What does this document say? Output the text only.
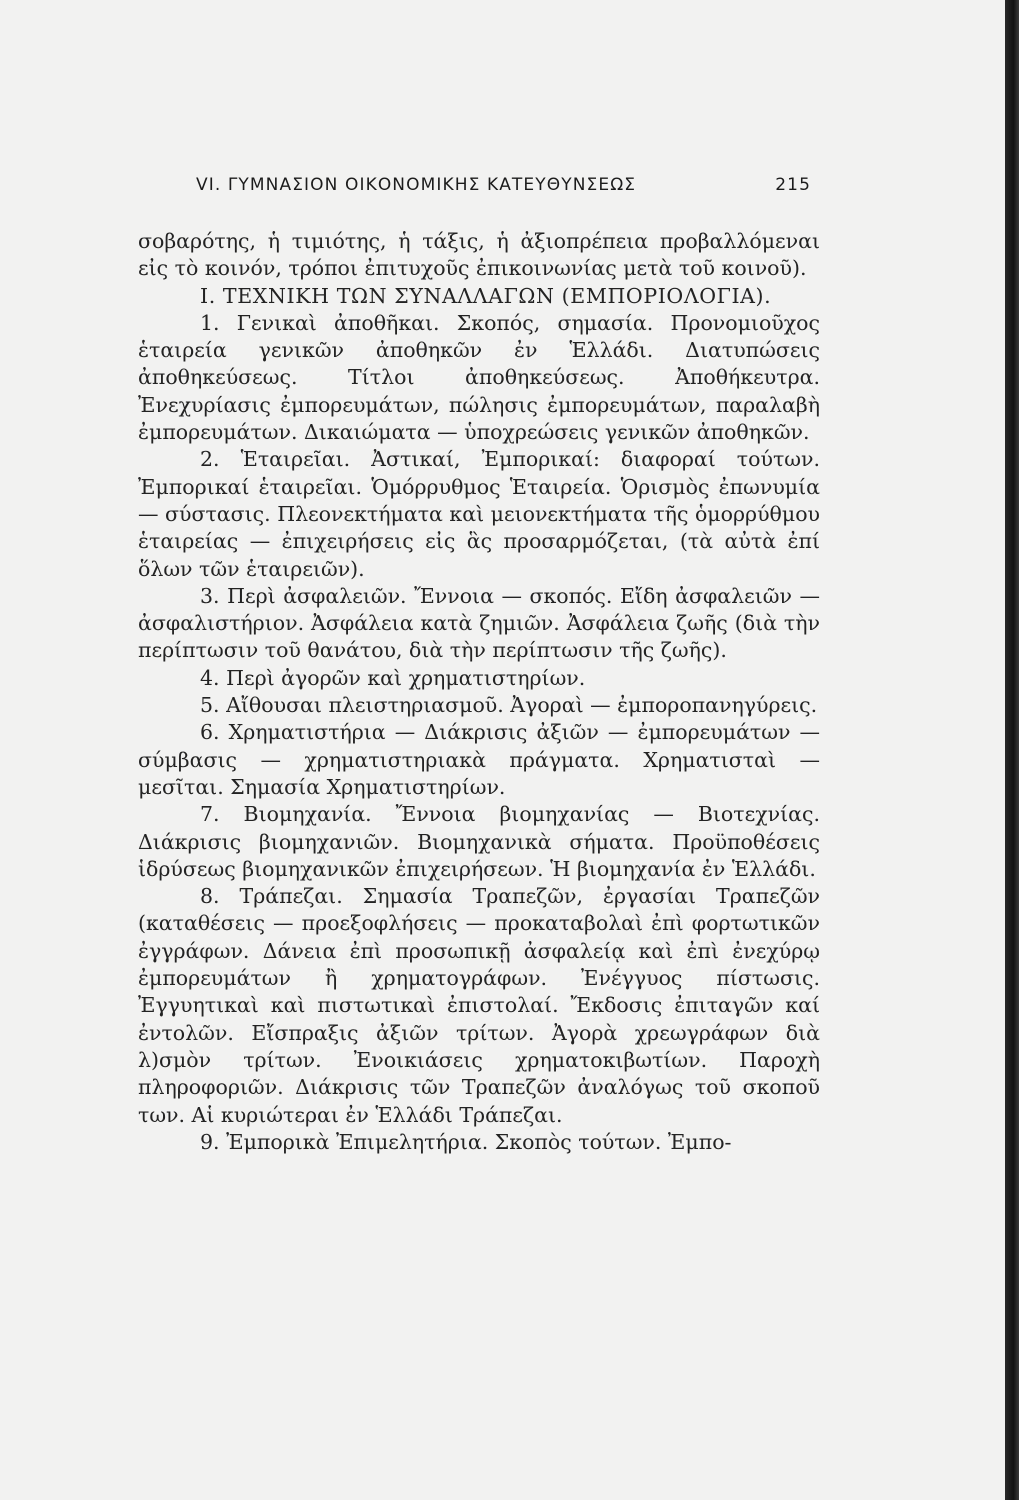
VI. ΓΥΜΝΑΣΙΟΝ ΟΙΚΟΝΟΜΙΚΗΣ ΚΑΤΕΥΘΥΝΣΕΩΣ	215

σοβαρότης, ἡ τιμιότης, ἡ τάξις, ἡ ἀξιοπρέπεια προβαλλόμεναι εἰς τὸ κοινόν, τρόποι ἐπιτυχοῦς ἐπικοινωνίας μετὰ τοῦ κοινοῦ).

I. ΤΕΧΝΙΚΗ ΤΩΝ ΣΥΝΑΛΛΑΓΩΝ (ΕΜΠΟΡΙΟΛΟΓΙΑ).

1. Γενικαὶ ἀποθῆκαι. Σκοπός, σημασία. Προνομιοῦχος ἑταιρεία γενικῶν ἀποθηκῶν ἐν Ἑλλάδι. Διατυπώσεις ἀποθηκεύσεως. Τίτλοι ἀποθηκεύσεως. Ἀποθήκευτρα. Ἐνεχυρίασις ἐμπορευμάτων, πώλησις ἐμπορευμάτων, παραλαβὴ ἐμπορευμάτων. Δικαιώματα — ὑποχρεώσεις γενικῶν ἀποθηκῶν.

2. Ἑταιρεῖαι. Ἀστικαί, Ἐμπορικαί: διαφοραί τούτων. Ἐμπορικαί ἑταιρεῖαι. Ὁμόρρυθμος Ἑταιρεία. Ὁρισμὸς ἐπωνυμία — σύστασις. Πλεονεκτήματα καὶ μειονεκτήματα τῆς ὁμορρύθμου ἑταιρείας — ἐπιχειρήσεις εἰς ἃς προσαρμόζεται, (τὰ αὐτὰ ἐπί ὅλων τῶν ἑταιρειῶν).

3. Περὶ ἀσφαλειῶν. Ἔννοια — σκοπός. Εἴδη ἀσφαλειῶν — ἀσφαλιστήριον. Ἀσφάλεια κατὰ ζημιῶν. Ἀσφάλεια ζωῆς (διὰ τὴν περίπτωσιν τοῦ θανάτου, διὰ τὴν περίπτωσιν τῆς ζωῆς).

4. Περὶ ἀγορῶν καὶ χρηματιστηρίων.

5. Αἴθουσαι πλειστηριασμοῦ. Ἀγοραὶ — ἐμποροπανηγύρεις.

6. Χρηματιστήρια — Διάκρισις ἀξιῶν — ἐμπορευμάτων — σύμβασις — χρηματιστηριακὰ πράγματα. Χρηματισταὶ — μεσῖται. Σημασία Χρηματιστηρίων.

7. Βιομηχανία. Ἔννοια βιομηχανίας — Βιοτεχνίας. Διάκρισις βιομηχανιῶν. Βιομηχανικὰ σήματα. Προϋποθέσεις ἱδρύσεως βιομηχανικῶν ἐπιχειρήσεων. Ἡ βιομηχανία ἐν Ἑλλάδι.

8. Τράπεζαι. Σημασία Τραπεζῶν, ἐργασίαι Τραπεζῶν (καταθέσεις — προεξοφλήσεις — προκαταβολαὶ ἐπὶ φορτωτικῶν ἐγγράφων. Δάνεια ἐπὶ προσωπικῇ ἀσφαλείᾳ καὶ ἐπὶ ἐνεχύρῳ ἐμπορευμάτων ἢ χρηματογράφων. Ἐνέγγυος πίστωσις. Ἐγγυητικαὶ καὶ πιστωτικαὶ ἐπιστολαί. Ἔκδοσις ἐπιταγῶν καί ἐντολῶν. Εἴσπραξις ἀξιῶν τρίτων. Ἀγορὰ χρεωγράφων διὰ λ)σμὸν τρίτων. Ἐνοικιάσεις χρηματοκιβωτίων. Παροχὴ πληροφοριῶν. Διάκρισις τῶν Τραπεζῶν ἀναλόγως τοῦ σκοποῦ των. Αἱ κυριώτεραι ἐν Ἑλλάδι Τράπεζαι.

9. Ἐμπορικὰ Ἐπιμελητήρια. Σκοπὸς τούτων. Ἐμπο-
